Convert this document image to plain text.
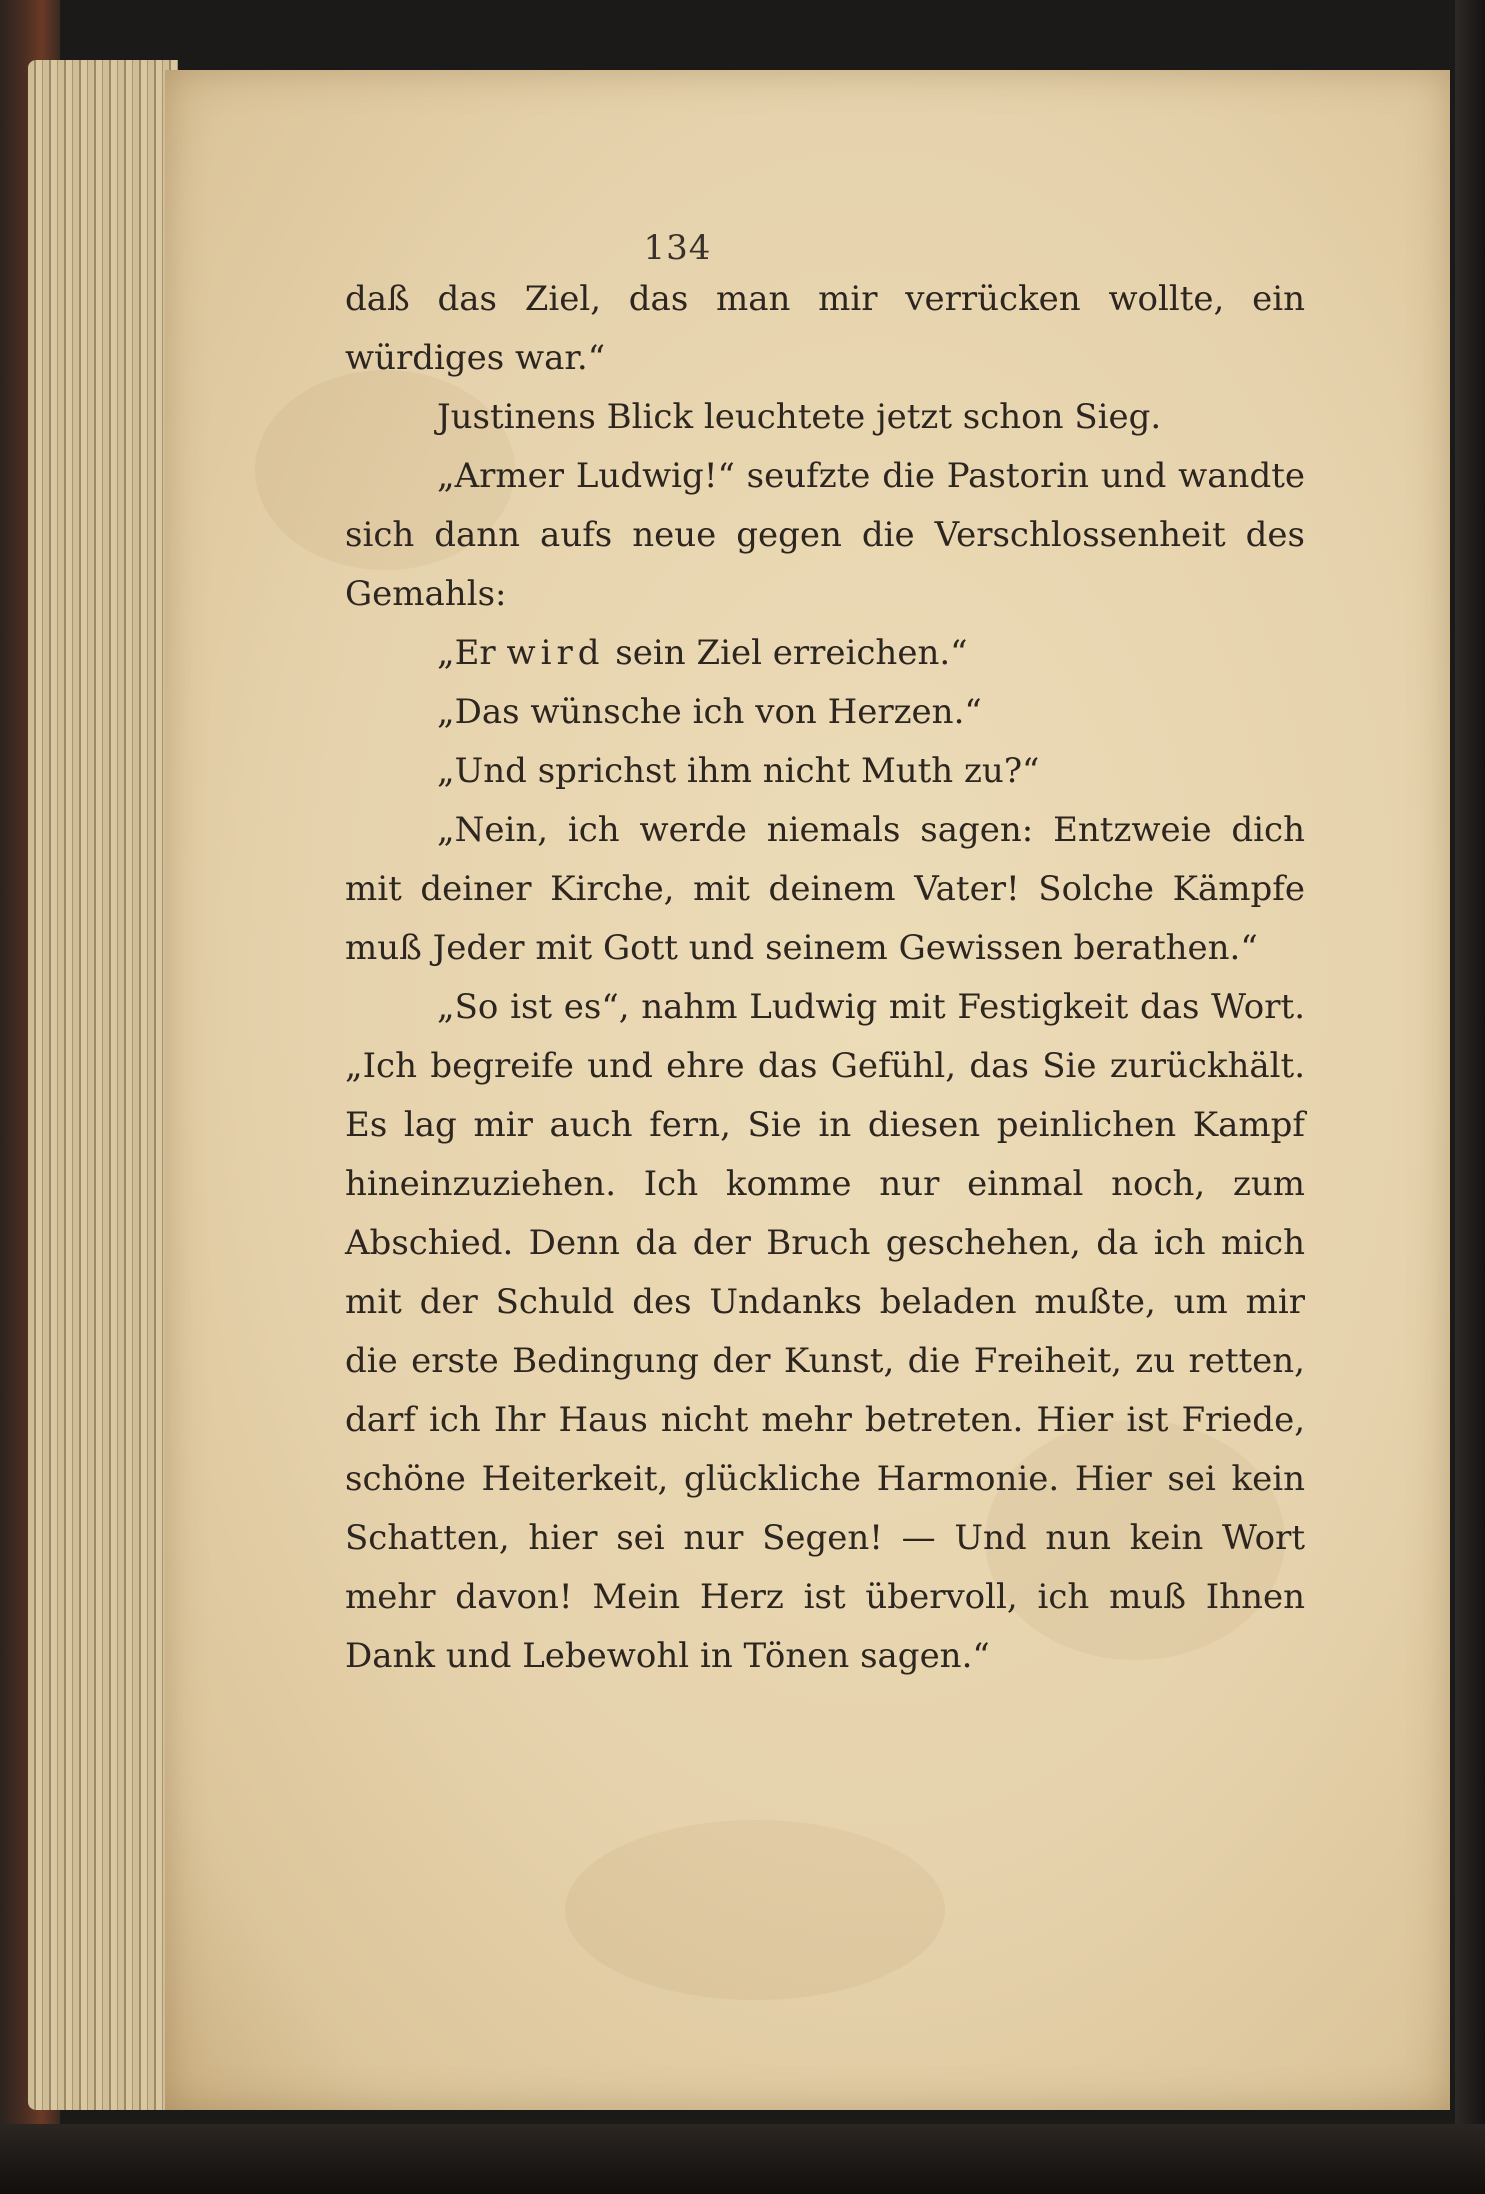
134

daß das Ziel, das man mir verrücken wollte, ein würdiges war.“

Justinens Blick leuchtete jetzt schon Sieg.

„Armer Ludwig!“ seufzte die Pastorin und wandte sich dann aufs neue gegen die Verschlossenheit des Gemahls:

„Er wird sein Ziel erreichen.“

„Das wünsche ich von Herzen.“

„Und sprichst ihm nicht Muth zu?“

„Nein, ich werde niemals sagen: Entzweie dich mit deiner Kirche, mit deinem Vater! Solche Kämpfe muß Jeder mit Gott und seinem Gewissen berathen.“

„So ist es“, nahm Ludwig mit Festigkeit das Wort. „Ich begreife und ehre das Gefühl, das Sie zurückhält. Es lag mir auch fern, Sie in diesen peinlichen Kampf hineinzuziehen. Ich komme nur einmal noch, zum Abschied. Denn da der Bruch geschehen, da ich mich mit der Schuld des Undanks beladen mußte, um mir die erste Bedingung der Kunst, die Freiheit, zu retten, darf ich Ihr Haus nicht mehr betreten. Hier ist Friede, schöne Heiterkeit, glückliche Harmonie. Hier sei kein Schatten, hier sei nur Segen! — Und nun kein Wort mehr davon! Mein Herz ist übervoll, ich muß Ihnen Dank und Lebewohl in Tönen sagen.“
